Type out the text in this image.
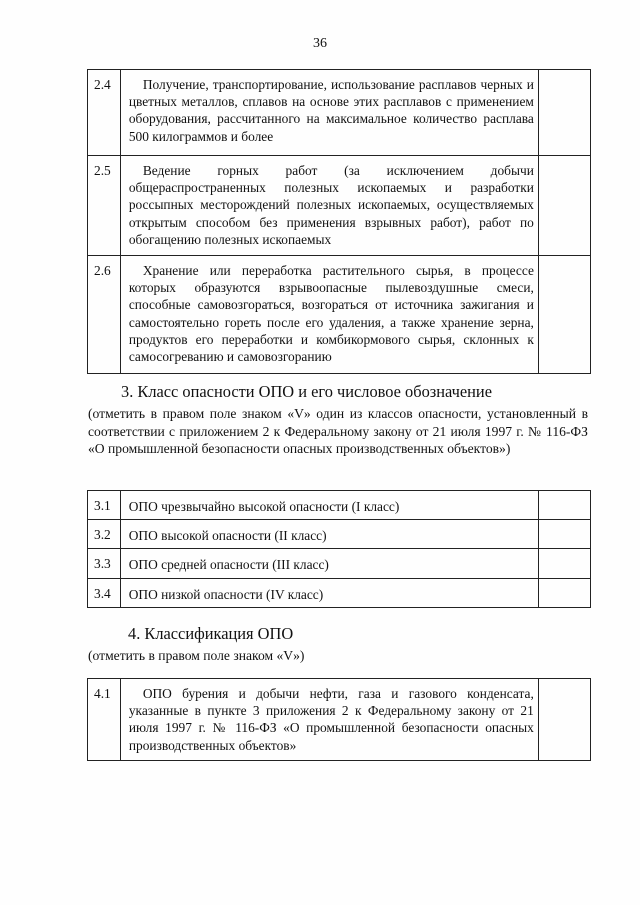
36
2.4	Получение, транспортирование, использование расплавов черных и цветных металлов, сплавов на основе этих расплавов с применением оборудования, рассчитанного на максимальное количество расплава 500 килограммов и более	
2.5	Ведение горных работ (за исключением добычи общераспространенных полезных ископаемых и разработки россыпных месторождений полезных ископаемых, осуществляемых открытым способом без применения взрывных работ), работ по обогащению полезных ископаемых	
2.6	Хранение или переработка растительного сырья, в процессе которых образуются взрывоопасные пылевоздушные смеси, способные самовозгораться, возгораться от источника зажигания и самостоятельно гореть после его удаления, а также хранение зерна, продуктов его переработки и комбикормового сырья, склонных к самосогреванию и самовозгоранию	
3. Класс опасности ОПО и его числовое обозначение
(отметить в правом поле знаком «V» один из классов опасности, установленный в соответствии с приложением 2 к Федеральному закону от 21 июля 1997 г. № 116-ФЗ «О промышленной безопасности опасных производственных объектов»)
3.1	ОПО чрезвычайно высокой опасности (I класс)	
3.2	ОПО высокой опасности (II класс)	
3.3	ОПО средней опасности (III класс)	
3.4	ОПО низкой опасности (IV класс)	
4. Классификация ОПО
(отметить в правом поле знаком «V»)
4.1	ОПО бурения и добычи нефти, газа и газового конденсата, указанные в пункте 3 приложения 2 к Федеральному закону от 21 июля 1997 г. № 116-ФЗ «О промышленной безопасности опасных производственных объектов»	
